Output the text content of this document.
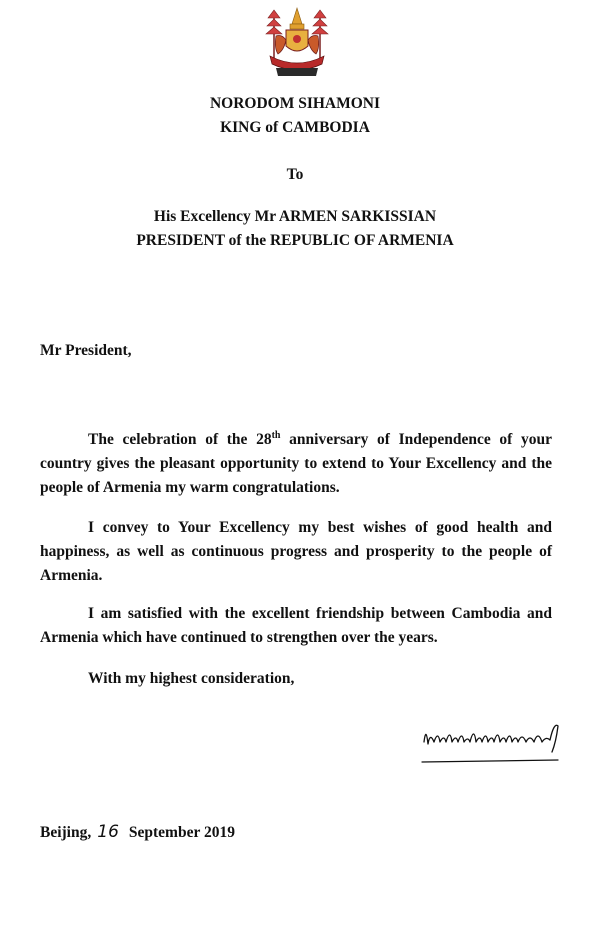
NORODOM SIHAMONI
KING of CAMBODIA
To
His Excellency Mr ARMEN SARKISSIAN
PRESIDENT of the REPUBLIC OF ARMENIA
Mr President,

The celebration of the 28th anniversary of Independence of your country gives the pleasant opportunity to extend to Your Excellency and the people of Armenia my warm congratulations.

I convey to Your Excellency my best wishes of good health and happiness, as well as continuous progress and prosperity to the people of Armenia.

I am satisfied with the excellent friendship between Cambodia and Armenia which have continued to strengthen over the years.

With my highest consideration,
Beijing, 16 September 2019
